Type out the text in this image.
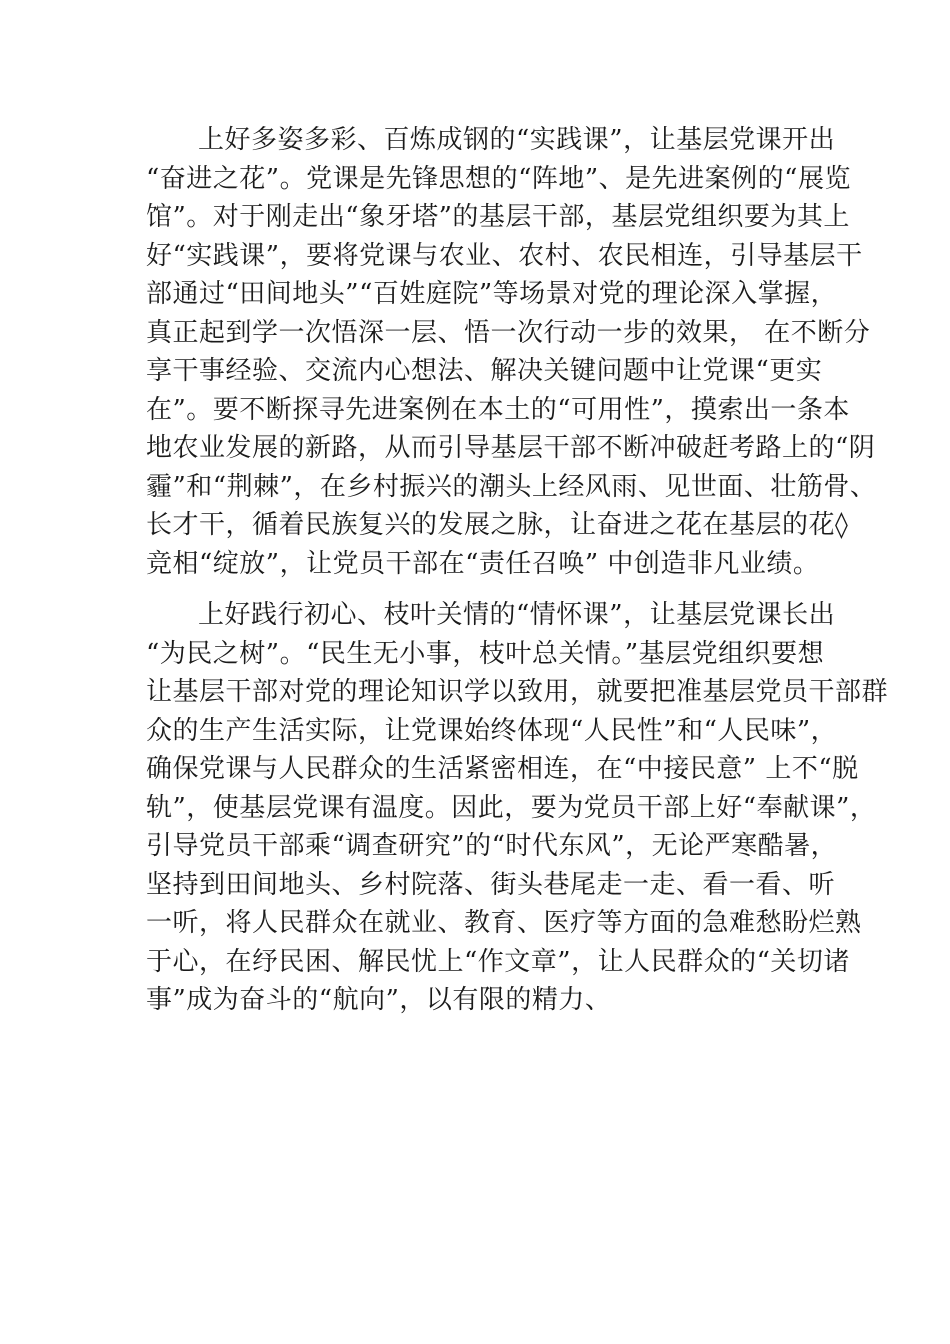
上好多姿多彩、百炼成钢的“实践课”，让基层党课开出
“奋进之花”。党课是先锋思想的“阵地”、是先进案例的“展览
馆”。对于刚走出“象牙塔”的基层干部，基层党组织要为其上
好“实践课”，要将党课与农业、农村、农民相连，引导基层干
部通过“田间地头”“百姓庭院”等场景对党的理论深入掌握，
真正起到学一次悟深一层、悟一次行动一步的效果， 在不断分
享干事经验、交流内心想法、解决关键问题中让党课“更实
在”。要不断探寻先进案例在本土的“可用性”，摸索出一条本
地农业发展的新路，从而引导基层干部不断冲破赶考路上的“阴
霾”和“荆棘”，在乡村振兴的潮头上经风雨、见世面、壮筋骨、
长才干，循着民族复兴的发展之脉，让奋进之花在基层的花◊
竞相“绽放”，让党员干部在“责任召唤” 中创造非凡业绩。
上好践行初心、枝叶关情的“情怀课”，让基层党课长出
“为民之树”。“民生无小事，枝叶总关情。”基层党组织要想
让基层干部对党的理论知识学以致用，就要把准基层党员干部群
众的生产生活实际，让党课始终体现“人民性”和“人民味”，
确保党课与人民群众的生活紧密相连，在“中接民意” 上不“脱
轨”，使基层党课有温度。因此，要为党员干部上好“奉献课”，
引导党员干部乘“调查研究”的“时代东风”，无论严寒酷暑，
坚持到田间地头、乡村院落、街头巷尾走一走、看一看、听
一听，将人民群众在就业、教育、医疗等方面的急难愁盼烂熟
于心，在纾民困、解民忧上“作文章”，让人民群众的“关切诸
事”成为奋斗的“航向”，以有限的精力、
